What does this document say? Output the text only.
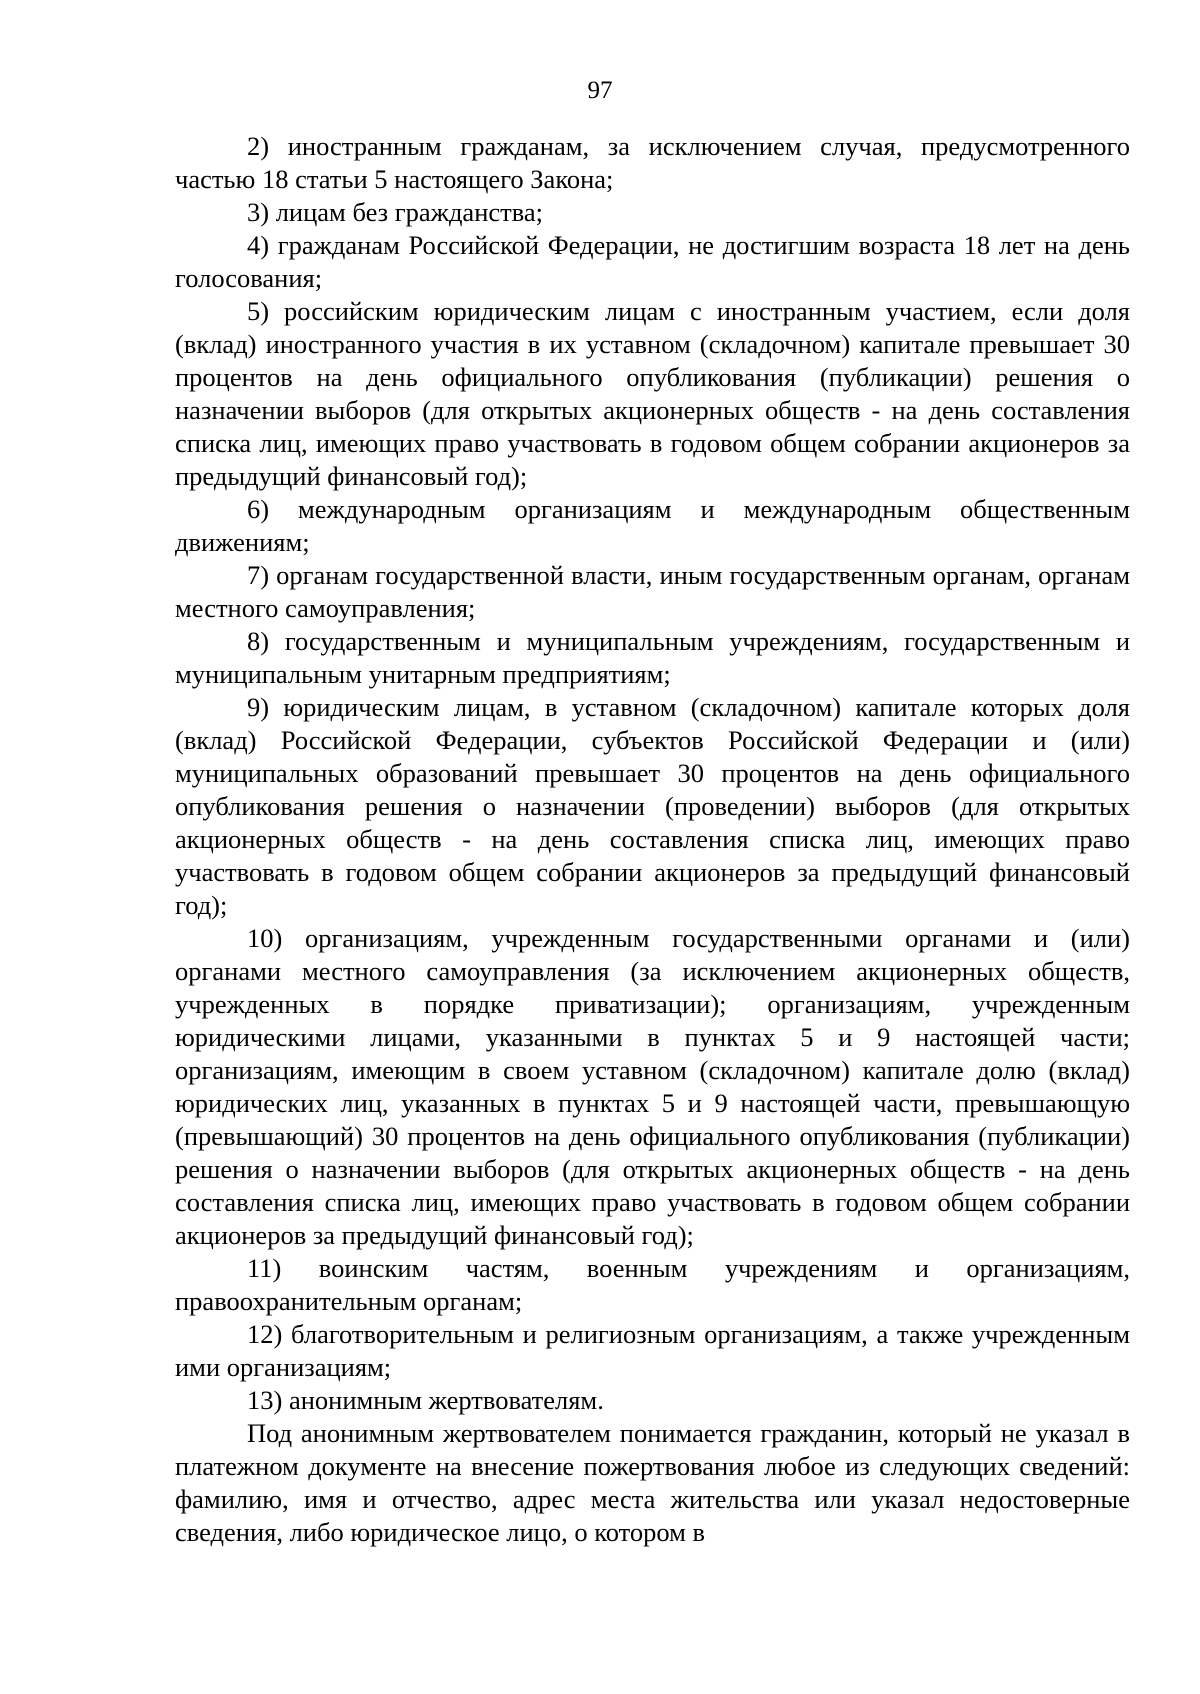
97

2) иностранным гражданам, за исключением случая, предусмотренного частью 18 статьи 5 настоящего Закона;

3) лицам без гражданства;

4) гражданам Российской Федерации, не достигшим возраста 18 лет на день голосования;

5) российским юридическим лицам с иностранным участием, если доля (вклад) иностранного участия в их уставном (складочном) капитале превышает 30 процентов на день официального опубликования (публикации) решения о назначении выборов (для открытых акционерных обществ - на день составления списка лиц, имеющих право участвовать в годовом общем собрании акционеров за предыдущий финансовый год);

6) международным организациям и международным общественным движениям;

7) органам государственной власти, иным государственным органам, органам местного самоуправления;

8) государственным и муниципальным учреждениям, государственным и муниципальным унитарным предприятиям;

9) юридическим лицам, в уставном (складочном) капитале которых доля (вклад) Российской Федерации, субъектов Российской Федерации и (или) муниципальных образований превышает 30 процентов на день официального опубликования решения о назначении (проведении) выборов (для открытых акционерных обществ - на день составления списка лиц, имеющих право участвовать в годовом общем собрании акционеров за предыдущий финансовый год);

10) организациям, учрежденным государственными органами и (или) органами местного самоуправления (за исключением акционерных обществ, учрежденных в порядке приватизации); организациям, учрежденным юридическими лицами, указанными в пунктах 5 и 9 настоящей части; организациям, имеющим в своем уставном (складочном) капитале долю (вклад) юридических лиц, указанных в пунктах 5 и 9 настоящей части, превышающую (превышающий) 30 процентов на день официального опубликования (публикации) решения о назначении выборов (для открытых акционерных обществ - на день составления списка лиц, имеющих право участвовать в годовом общем собрании акционеров за предыдущий финансовый год);

11) воинским частям, военным учреждениям и организациям, правоохранительным органам;

12) благотворительным и религиозным организациям, а также учрежденным ими организациям;

13) анонимным жертвователям.

Под анонимным жертвователем понимается гражданин, который не указал в платежном документе на внесение пожертвования любое из следующих сведений: фамилию, имя и отчество, адрес места жительства или указал недостоверные сведения, либо юридическое лицо, о котором в
